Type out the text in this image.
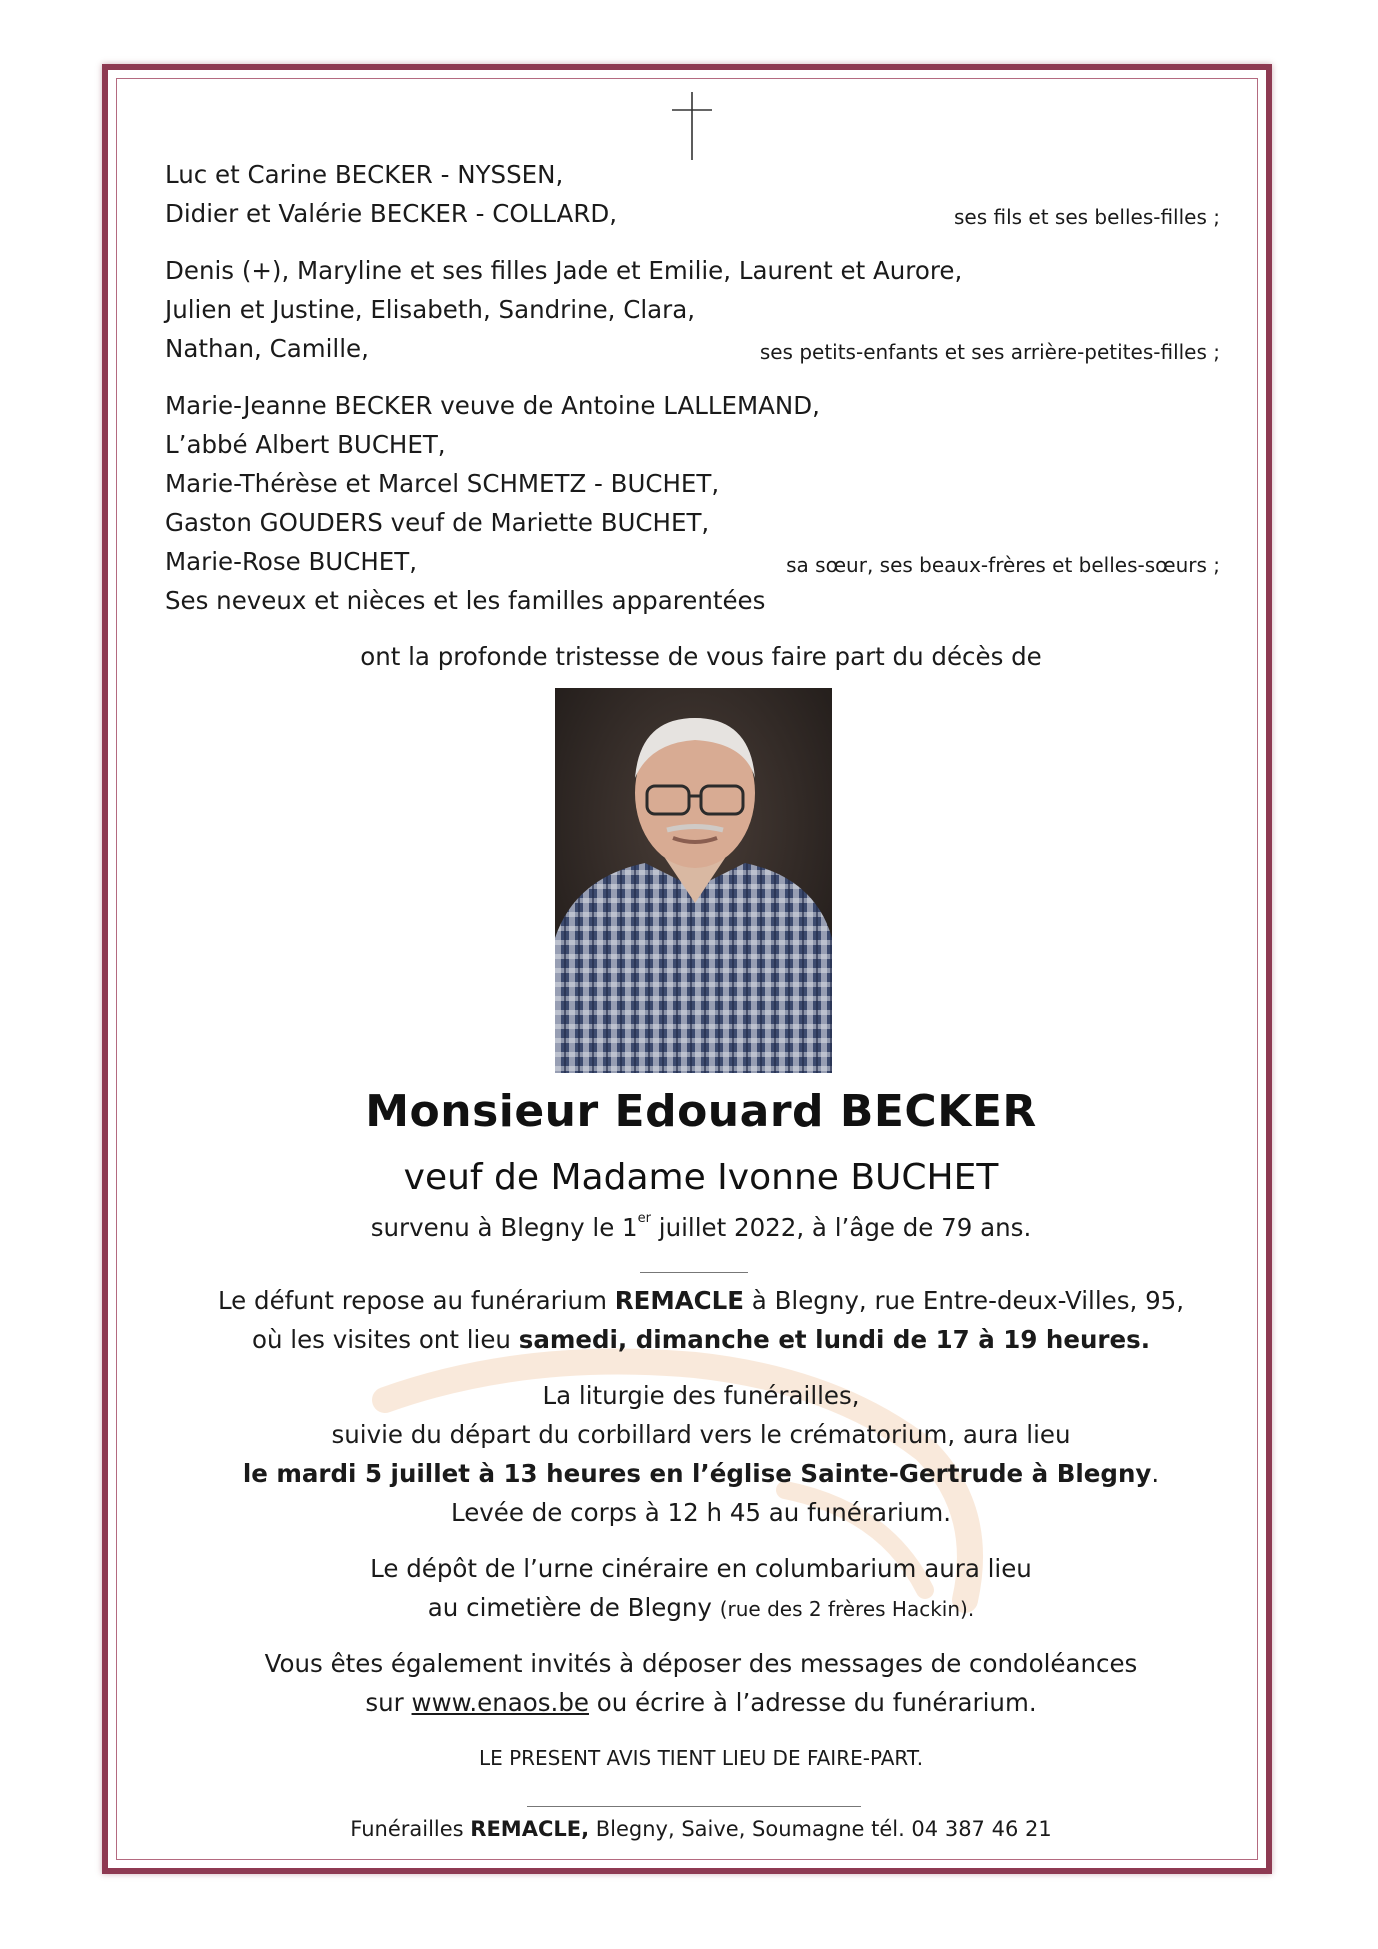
Luc et Carine BECKER - NYSSEN,
Didier et Valérie BECKER - COLLARD,	ses fils et ses belles-filles ;
Denis (+), Maryline et ses filles Jade et Emilie, Laurent et Aurore,
Julien et Justine, Elisabeth, Sandrine, Clara,
Nathan, Camille,	ses petits-enfants et ses arrière-petites-filles ;
Marie-Jeanne BECKER veuve de Antoine LALLEMAND,
L’abbé Albert BUCHET,
Marie-Thérèse et Marcel SCHMETZ - BUCHET,
Gaston GOUDERS veuf de Mariette BUCHET,
Marie-Rose BUCHET,	sa sœur, ses beaux-frères et belles-sœurs ;
Ses neveux et nièces et les familles apparentées
ont la profonde tristesse de vous faire part du décès de
Monsieur Edouard BECKER
veuf de Madame Ivonne BUCHET
survenu à Blegny le 1er juillet 2022, à l’âge de 79 ans.
Le défunt repose au funérarium REMACLE à Blegny, rue Entre-deux-Villes, 95,
où les visites ont lieu samedi, dimanche et lundi de 17 à 19 heures.
La liturgie des funérailles,
suivie du départ du corbillard vers le crématorium, aura lieu
le mardi 5 juillet à 13 heures en l’église Sainte-Gertrude à Blegny.
Levée de corps à 12 h 45 au funérarium.
Le dépôt de l’urne cinéraire en columbarium aura lieu
au cimetière de Blegny (rue des 2 frères Hackin).
Vous êtes également invités à déposer des messages de condoléances
sur www.enaos.be ou écrire à l’adresse du funérarium.
LE PRESENT AVIS TIENT LIEU DE FAIRE-PART.
Funérailles REMACLE, Blegny, Saive, Soumagne tél. 04 387 46 21
